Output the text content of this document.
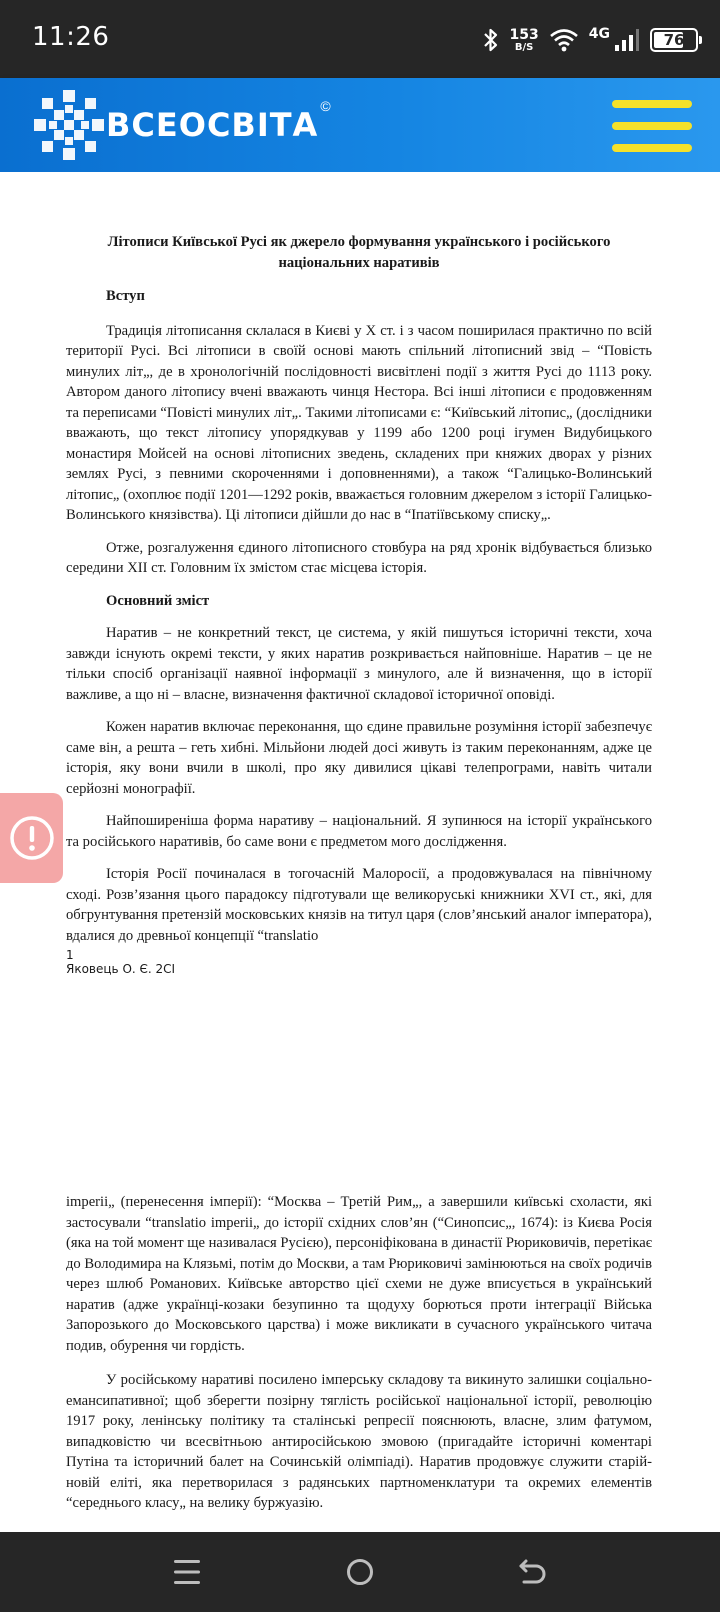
11:26	153
B/S
4G	76
ВСЕОСВІТА ©
Літописи Київської Русі як джерело формування українського і російського національних наративів
Вступ

Традиція літописання склалася в Києві у Х ст. і з часом поширилася практично по всій території Русі. Всі літописи в своїй основі мають спільний літописний звід – “Повість минулих літ„, де в хронологічній послідовності висвітлені події з життя Русі до 1113 року. Автором даного літопису вчені вважають чинця Нестора. Всі інші літописи є продовженням та переписами “Повісті минулих літ„. Такими літописами є: “Київський літопис„ (дослідники вважають, що текст літопису упорядкував у 1199 або 1200 році ігумен Видубицького монастиря Мойсей на основі літописних зведень, складених при княжих дворах у різних землях Русі, з певними скороченнями і доповненнями), а також “Галицько-Волинський літопис„ (охоплює події 1201—1292 років, вважається головним джерелом з історії Галицько-Волинського князівства). Ці літописи дійшли до нас в “Іпатіївському списку„.

Отже, розгалуження єдиного літописного стовбура на ряд хронік відбувається близько середини ХІІ ст. Головним їх змістом стає місцева історія.

Основний зміст

Наратив – не конкретний текст, це система, у якій пишуться історичні тексти, хоча завжди існують окремі тексти, у яких наратив розкривається найповніше. Наратив – це не тільки спосіб організації наявної інформації з минулого, але й визначення, що в історії важливе, а що ні – власне, визначення фактичної складової історичної оповіді.

Кожен наратив включає переконання, що єдине правильне розуміння історії забезпечує саме він, а решта – геть хибні. Мільйони людей досі живуть із таким переконанням, адже це історія, яку вони вчили в школі, про яку дивилися цікаві телепрограми, навіть читали серйозні монографії.

Найпоширеніша форма наративу – національний. Я зупинюся на історії українського та російського наративів, бо саме вони є предметом мого дослідження.

Історія Росії починалася в тогочасній Малоросії, а продовжувалася на північному сході. Розв’язання цього парадоксу підготували ще великоруські книжники XVI ст., які, для обгрунтування претензій московських князів на титул царя (слов’янський аналог імператора), вдалися до древньої концепції “translatio

1
Яковець О. Є. 2СІ

imperii„ (перенесення імперії): “Москва – Третій Рим„, а завершили київські схоласти, які застосували “translatio imperii„ до історії східних слов’ян (“Синопсис„, 1674): із Києва Росія (яка на той момент ще називалася Русією), персоніфікована в династії Рюриковичів, перетікає до Володимира на Клязьмі, потім до Москви, а там Рюриковичі замінюються на своїх родичів через шлюб Романових. Київське авторство цієї схеми не дуже вписується в український наратив (адже українці-козаки безупинно та щодуху борються проти інтеграції Війська Запорозького до Московського царства) і може викликати в сучасного українського читача подив, обурення чи гордість.

У російському наративі посилено імперську складову та викинуто залишки соціально-емансипативної; щоб зберегти позірну тяглість російської національної історії, революцію 1917 року, ленінську політику та сталінські репресії пояснюють, власне, злим фатумом, випадковістю чи всесвітньою антиросійською змовою (пригадайте історичні коментарі Путіна та історичний балет на Сочинській олімпіаді). Наратив продовжує служити старій-новій еліті, яка перетворилася з радянських партноменклатури та окремих елементів “середнього класу„ на велику буржуазію.
